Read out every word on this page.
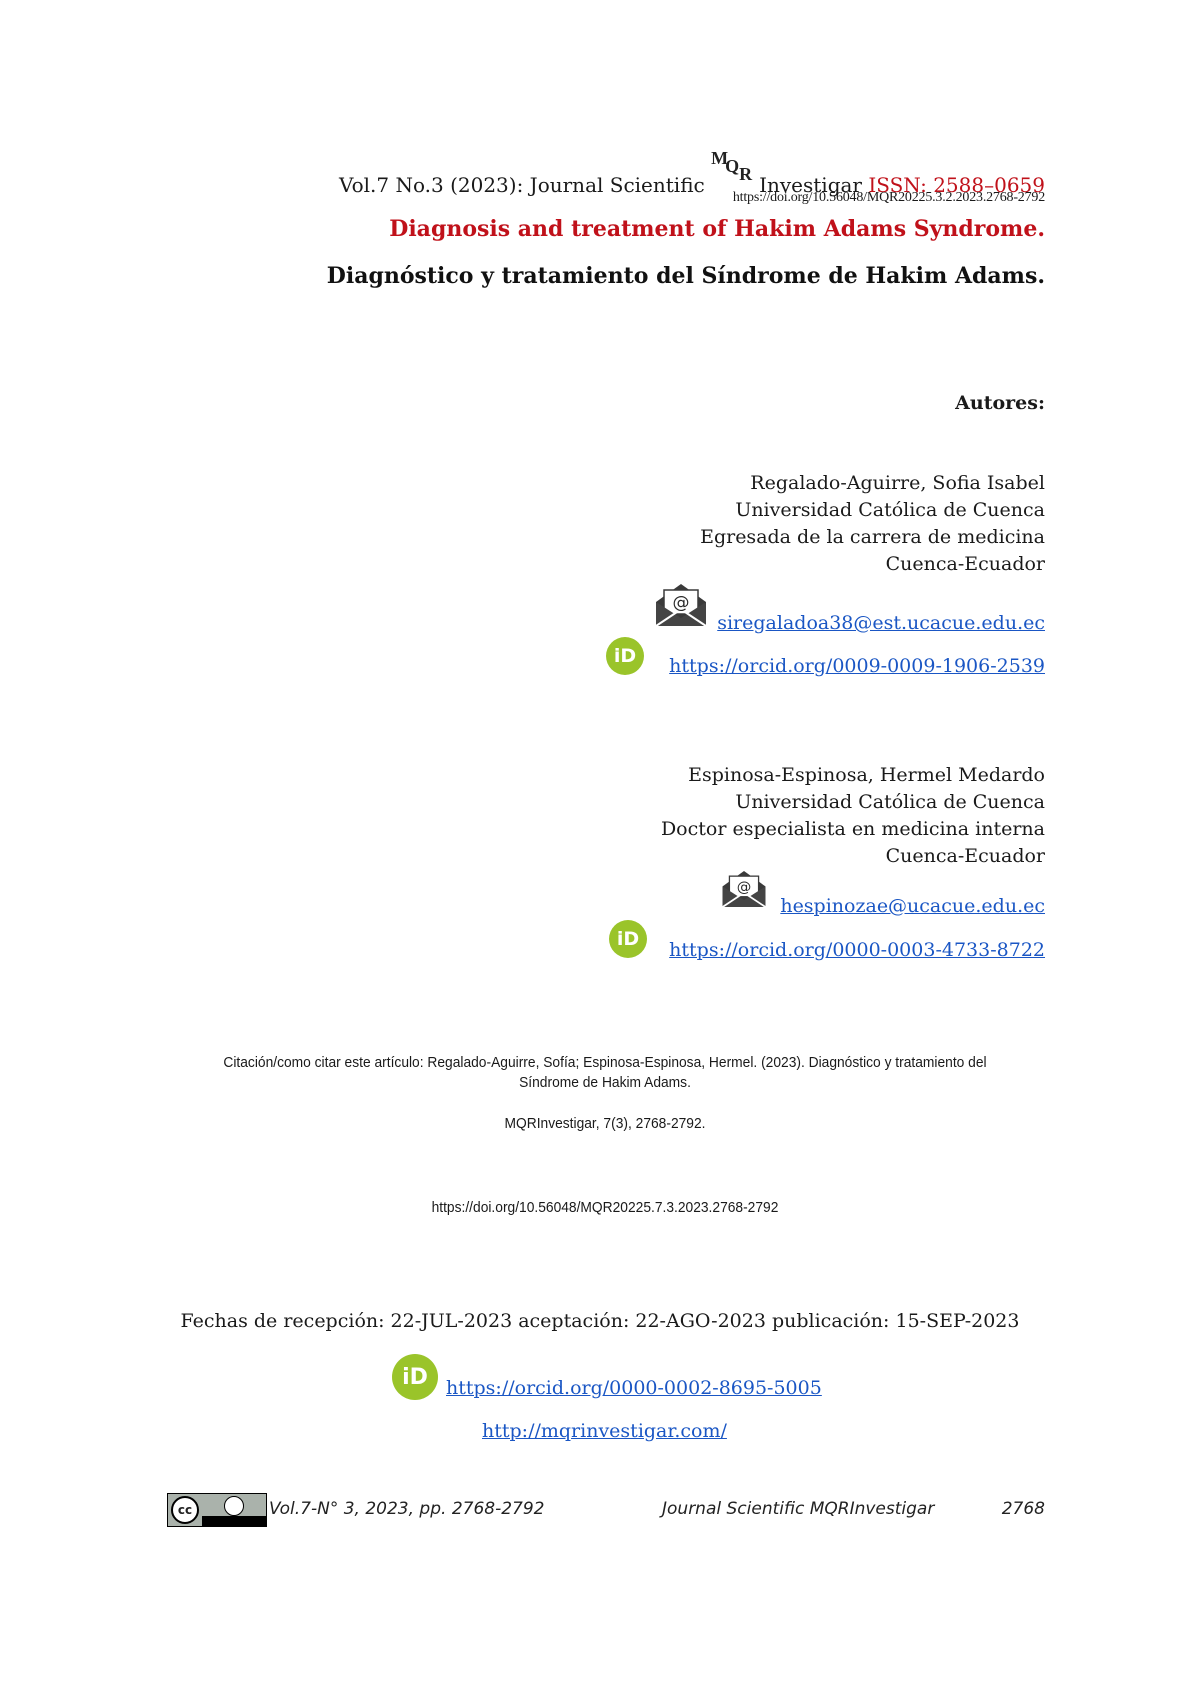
Vol.7 No.3 (2023): Journal Scientific
M
Q R Investigar ISSN: 2588–0659
https://doi.org/10.56048/MQR20225.3.2.2023.2768-2792
Diagnosis and treatment of Hakim Adams Syndrome.
Diagnóstico y tratamiento del Síndrome de Hakim Adams.
Autores:
Regalado-Aguirre, Sofia Isabel
Universidad Católica de Cuenca
Egresada de la carrera de medicina
Cuenca-Ecuador
@
siregaladoa38@est.ucacue.edu.ec
iD	https://orcid.org/0009-0009-1906-2539
Espinosa-Espinosa, Hermel Medardo
Universidad Católica de Cuenca
Doctor especialista en medicina interna
Cuenca-Ecuador
@
hespinozae@ucacue.edu.ec
iD	https://orcid.org/0000-0003-4733-8722
Citación/como citar este artículo: Regalado-Aguirre, Sofía; Espinosa-Espinosa, Hermel. (2023). Diagnóstico y tratamiento del Síndrome de Hakim Adams.
MQRInvestigar, 7(3), 2768-2792.
https://doi.org/10.56048/MQR20225.7.3.2023.2768-2792
Fechas de recepción: 22-JUL-2023 aceptación: 22-AGO-2023 publicación: 15-SEP-2023
iD https://orcid.org/0000-0002-8695-5005
http://mqrinvestigar.com/
cc	Vol.7-N° 3, 2023, pp. 2768-2792	Journal Scientific MQRInvestigar	2768
